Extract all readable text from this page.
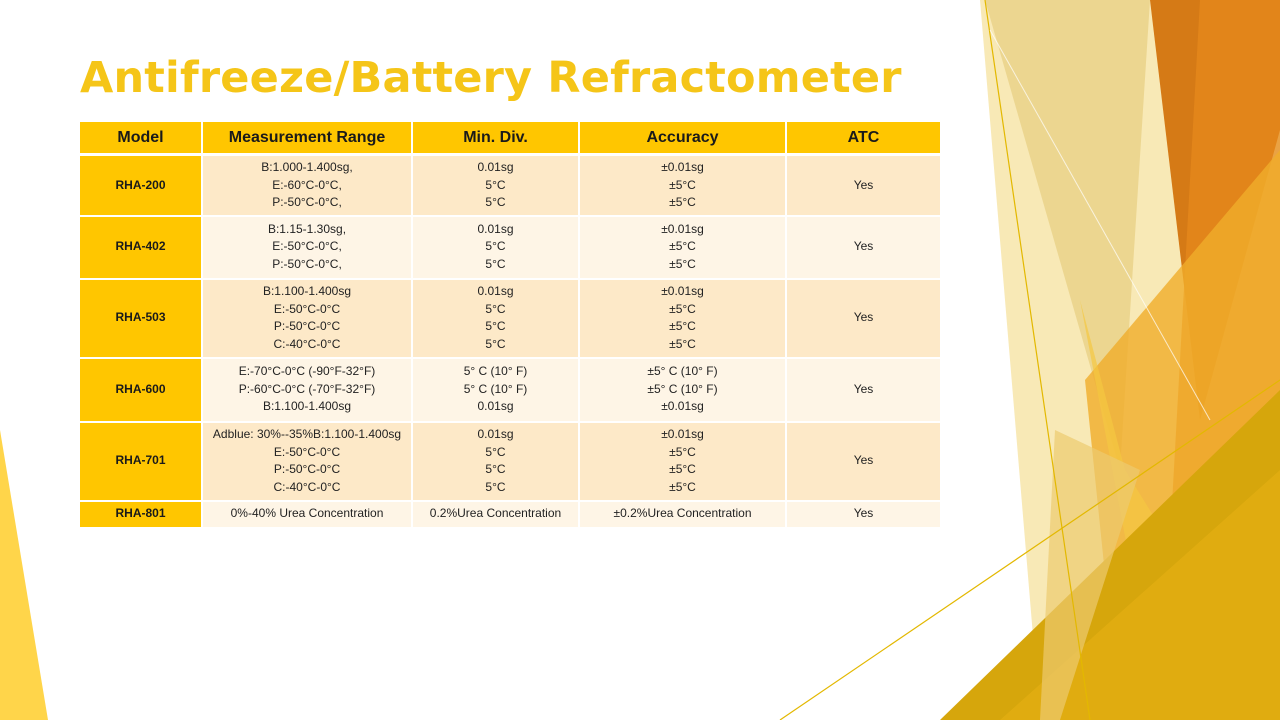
Antifreeze/Battery Refractometer
Model	Measurement Range	Min. Div.	Accuracy	ATC
RHA-200	B:1.000-1.400sg,
E:-60°C-0°C,
P:-50°C-0°C,	0.01sg
5°C
5°C	±0.01sg
±5°C
±5°C	Yes
RHA-402	B:1.15-1.30sg,
E:-50°C-0°C,
P:-50°C-0°C,	0.01sg
5°C
5°C	±0.01sg
±5°C
±5°C	Yes
RHA-503	B:1.100-1.400sg
E:-50°C-0°C
P:-50°C-0°C
C:-40°C-0°C	0.01sg
5°C
5°C
5°C	±0.01sg
±5°C
±5°C
±5°C	Yes
RHA-600	E:-70°C-0°C (-90°F-32°F)
P:-60°C-0°C (-70°F-32°F)
B:1.100-1.400sg	5° C (10° F)
5° C (10° F)
0.01sg	±5° C (10° F)
±5° C (10° F)
±0.01sg	Yes
RHA-701	Adblue: 30%--35%B:1.100-1.400sg
E:-50°C-0°C
P:-50°C-0°C
C:-40°C-0°C	0.01sg
5°C
5°C
5°C	±0.01sg
±5°C
±5°C
±5°C	Yes
RHA-801	0%-40% Urea Concentration	0.2%Urea Concentration	±0.2%Urea Concentration	Yes
